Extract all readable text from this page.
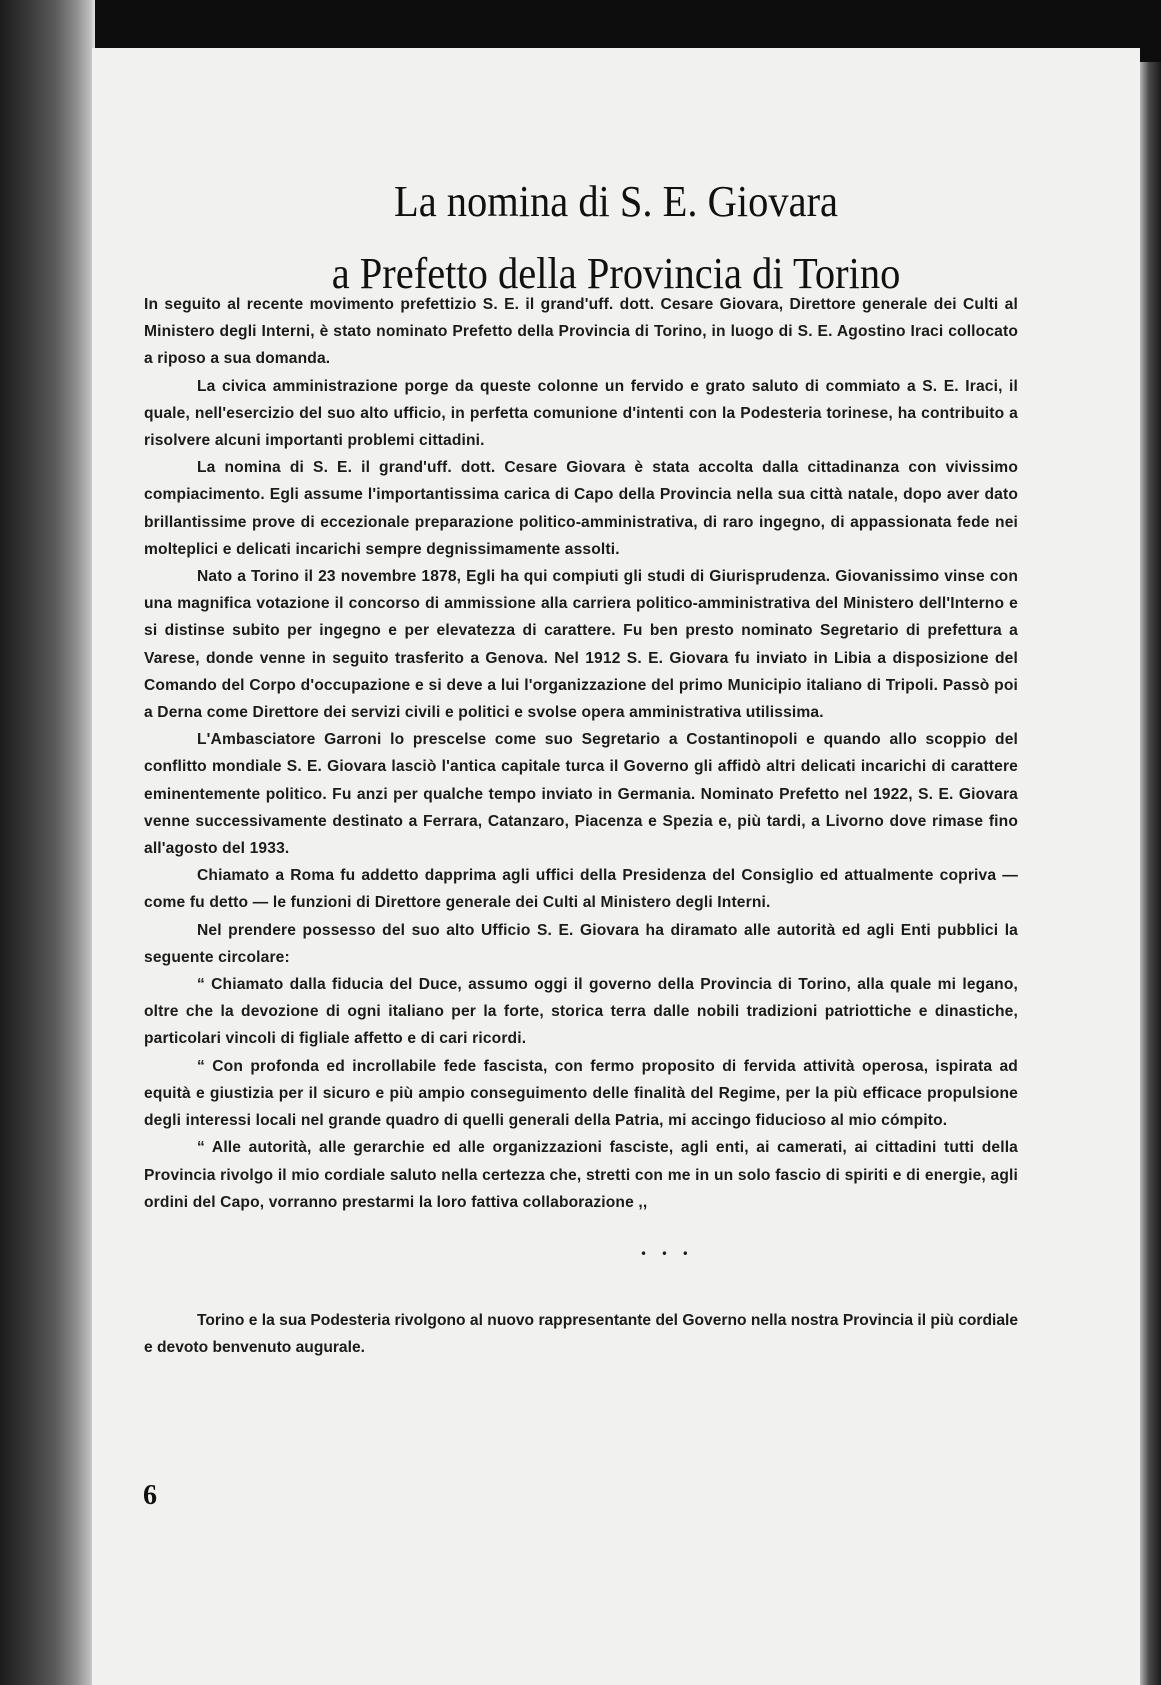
La nomina di S. E. Giovara
a Prefetto della Provincia di Torino

In seguito al recente movimento prefettizio S. E. il grand'uff. dott. Cesare Giovara, Direttore generale dei Culti al Ministero degli Interni, è stato nominato Prefetto della Provincia di Torino, in luogo di S. E. Agostino Iraci collocato a riposo a sua domanda.

La civica amministrazione porge da queste colonne un fervido e grato saluto di commiato a S. E. Iraci, il quale, nell'esercizio del suo alto ufficio, in perfetta comunione d'intenti con la Podesteria torinese, ha contribuito a risolvere alcuni importanti problemi cittadini.

La nomina di S. E. il grand'uff. dott. Cesare Giovara è stata accolta dalla cittadinanza con vivissimo compiacimento. Egli assume l'importantissima carica di Capo della Provincia nella sua città natale, dopo aver dato brillantissime prove di eccezionale preparazione politico-amministrativa, di raro ingegno, di appassionata fede nei molteplici e delicati incarichi sempre degnissimamente assolti.

Nato a Torino il 23 novembre 1878, Egli ha qui compiuti gli studi di Giurisprudenza. Giovanissimo vinse con una magnifica votazione il concorso di ammissione alla carriera politico-amministrativa del Ministero dell'Interno e si distinse subito per ingegno e per elevatezza di carattere. Fu ben presto nominato Segretario di prefettura a Varese, donde venne in seguito trasferito a Genova. Nel 1912 S. E. Giovara fu inviato in Libia a disposizione del Comando del Corpo d'occupazione e si deve a lui l'organizzazione del primo Municipio italiano di Tripoli. Passò poi a Derna come Direttore dei servizi civili e politici e svolse opera amministrativa utilissima.

L'Ambasciatore Garroni lo prescelse come suo Segretario a Costantinopoli e quando allo scoppio del conflitto mondiale S. E. Giovara lasciò l'antica capitale turca il Governo gli affidò altri delicati incarichi di carattere eminentemente politico. Fu anzi per qualche tempo inviato in Germania. Nominato Prefetto nel 1922, S. E. Giovara venne successivamente destinato a Ferrara, Catanzaro, Piacenza e Spezia e, più tardi, a Livorno dove rimase fino all'agosto del 1933.

Chiamato a Roma fu addetto dapprima agli uffici della Presidenza del Consiglio ed attualmente copriva — come fu detto — le funzioni di Direttore generale dei Culti al Ministero degli Interni.

Nel prendere possesso del suo alto Ufficio S. E. Giovara ha diramato alle autorità ed agli Enti pubblici la seguente circolare:

“ Chiamato dalla fiducia del Duce, assumo oggi il governo della Provincia di Torino, alla quale mi legano, oltre che la devozione di ogni italiano per la forte, storica terra dalle nobili tradizioni patriottiche e dinastiche, particolari vincoli di figliale affetto e di cari ricordi.

“ Con profonda ed incrollabile fede fascista, con fermo proposito di fervida attività operosa, ispirata ad equità e giustizia per il sicuro e più ampio conseguimento delle finalità del Regime, per la più efficace propulsione degli interessi locali nel grande quadro di quelli generali della Patria, mi accingo fiducioso al mio cómpito.

“ Alle autorità, alle gerarchie ed alle organizzazioni fasciste, agli enti, ai camerati, ai cittadini tutti della Provincia rivolgo il mio cordiale saluto nella certezza che, stretti con me in un solo fascio di spiriti e di energie, agli ordini del Capo, vorranno prestarmi la loro fattiva collaborazione ,,

• • •

Torino e la sua Podesteria rivolgono al nuovo rappresentante del Governo nella nostra Provincia il più cordiale e devoto benvenuto augurale.

6
